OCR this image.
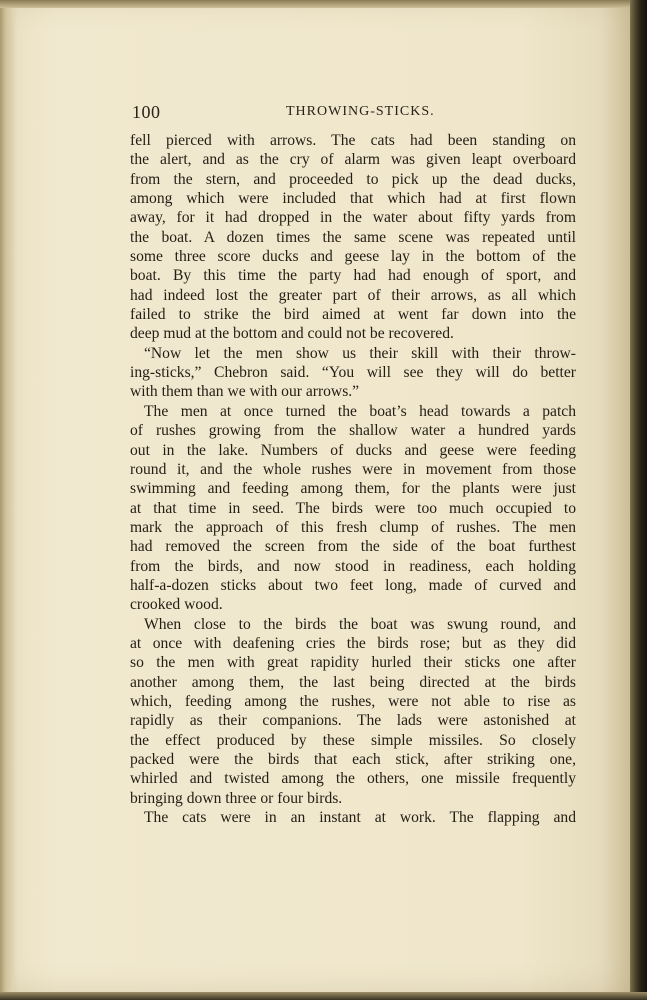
100	THROWING-STICKS.
fell pierced with arrows. The cats had been standing on
the alert, and as the cry of alarm was given leapt overboard
from the stern, and proceeded to pick up the dead ducks,
among which were included that which had at first flown
away, for it had dropped in the water about fifty yards from
the boat. A dozen times the same scene was repeated until
some three score ducks and geese lay in the bottom of the
boat. By this time the party had had enough of sport, and
had indeed lost the greater part of their arrows, as all which
failed to strike the bird aimed at went far down into the
deep mud at the bottom and could not be recovered.
“Now let the men show us their skill with their throw-
ing-sticks,” Chebron said. “You will see they will do better
with them than we with our arrows.”
The men at once turned the boat’s head towards a patch
of rushes growing from the shallow water a hundred yards
out in the lake. Numbers of ducks and geese were feeding
round it, and the whole rushes were in movement from those
swimming and feeding among them, for the plants were just
at that time in seed. The birds were too much occupied to
mark the approach of this fresh clump of rushes. The men
had removed the screen from the side of the boat furthest
from the birds, and now stood in readiness, each holding
half-a-dozen sticks about two feet long, made of curved and
crooked wood.
When close to the birds the boat was swung round, and
at once with deafening cries the birds rose; but as they did
so the men with great rapidity hurled their sticks one after
another among them, the last being directed at the birds
which, feeding among the rushes, were not able to rise as
rapidly as their companions. The lads were astonished at
the effect produced by these simple missiles. So closely
packed were the birds that each stick, after striking one,
whirled and twisted among the others, one missile frequently
bringing down three or four birds.
The cats were in an instant at work. The flapping and
